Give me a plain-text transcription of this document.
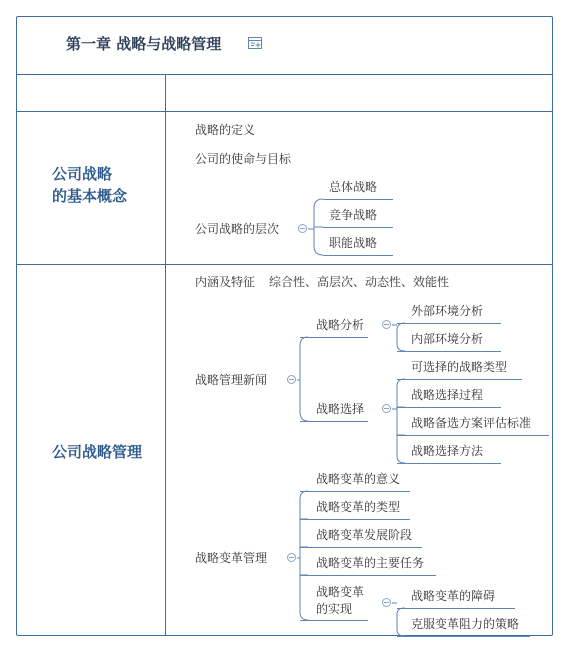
第一章 战略与战略管理
公司战略
的基本概念
战略的定义
公司的使命与目标
公司战略的层次
总体战略
竞争战略
职能战略
公司战略管理
内涵及特征 综合性、高层次、动态性、效能性
战略管理新闻
战略分析
外部环境分析
内部环境分析
战略选择
可选择的战略类型
战略选择过程
战略备选方案评估标准
战略选择方法
战略变革管理
战略变革的意义
战略变革的类型
战略变革发展阶段
战略变革的主要任务
战略变革
的实现
战略变革的障碍
克服变革阻力的策略
